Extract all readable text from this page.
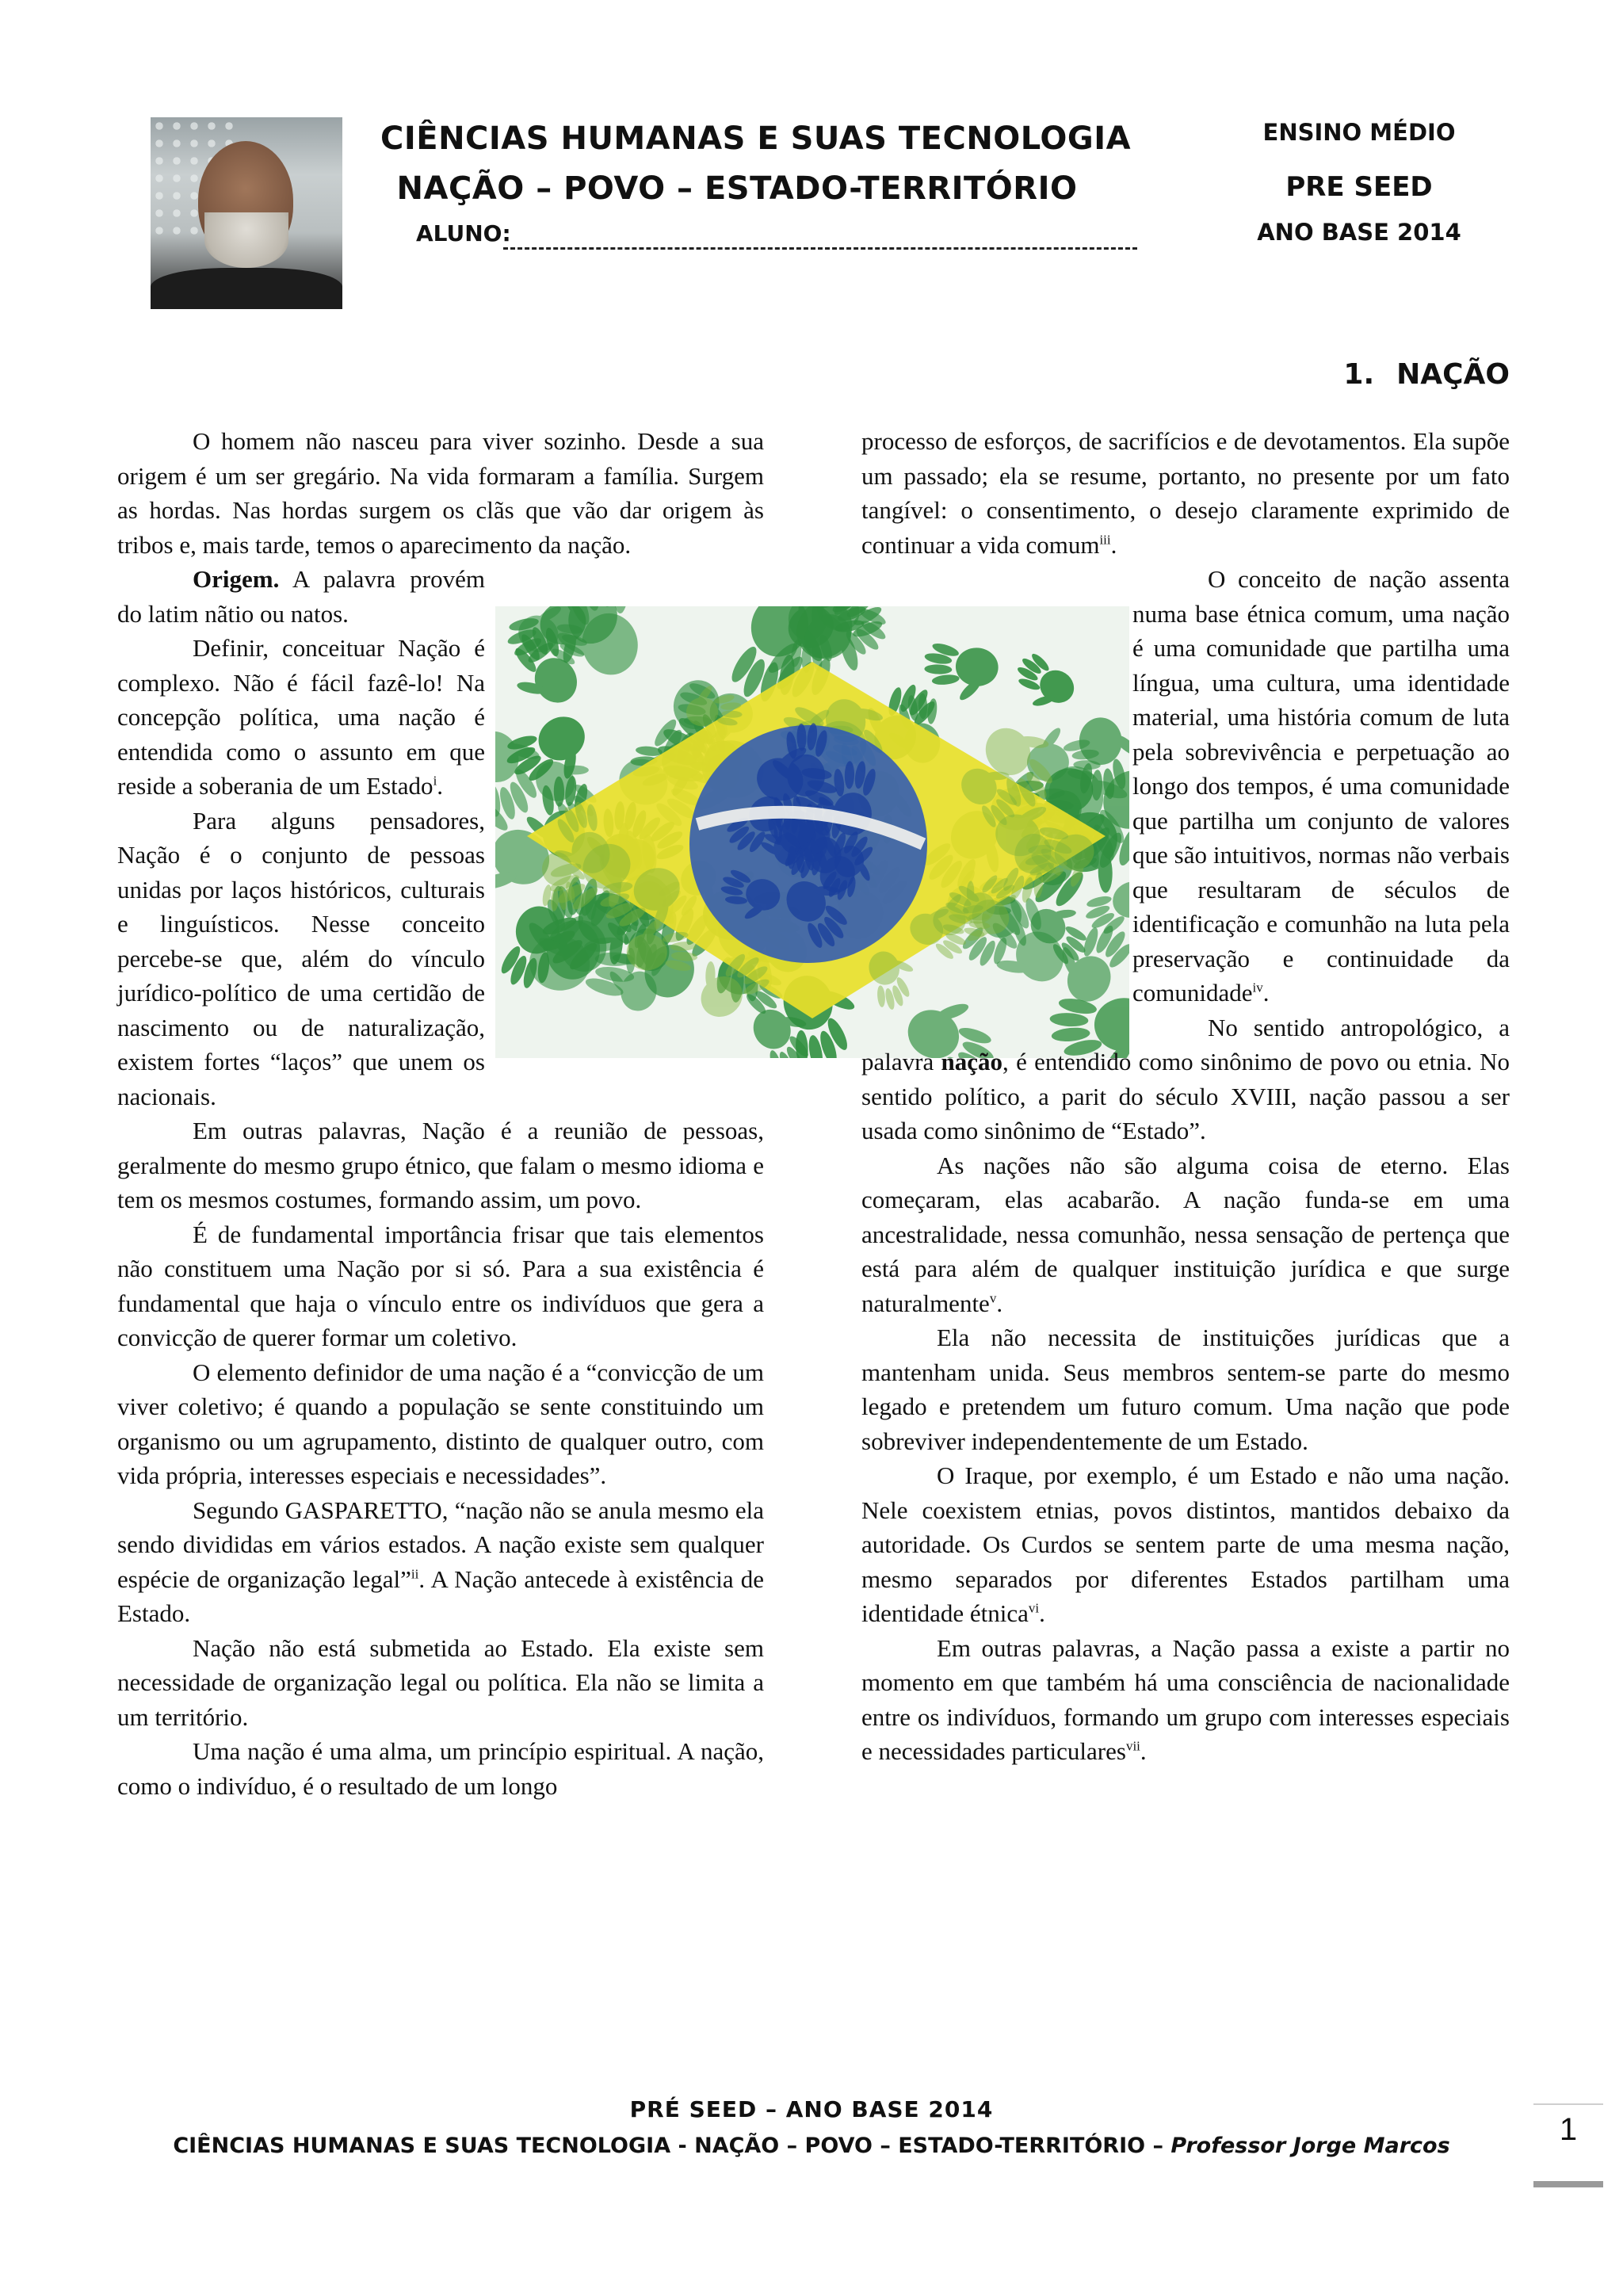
CIÊNCIAS HUMANAS E SUAS TECNOLOGIA
NAÇÃO – POVO – ESTADO-TERRITÓRIO
ALUNO:
ENSINO MÉDIO
PRE SEED
ANO BASE 2014
1. NAÇÃO

O homem não nasceu para viver sozinho. Desde a sua origem é um ser gregário. Na vida formaram a família. Surgem as hordas. Nas hordas surgem os clãs que vão dar origem às tribos e, mais tarde, temos o aparecimento da nação.

Origem. A palavra provém do latim nãtio ou natos.

Definir, conceituar Nação é complexo. Não é fácil fazê-lo! Na concepção política, uma nação é entendida como o assunto em que reside a soberania de um Estado$^i$.

Para alguns pensadores, Nação é o conjunto de pessoas unidas por laços históricos, culturais e linguísticos. Nesse conceito percebe-se que, além do vínculo jurídico-político de uma certidão de nascimento ou de naturalização, existem fortes “laços” que unem os nacionais.

Em outras palavras, Nação é a reunião de pessoas, geralmente do mesmo grupo étnico, que falam o mesmo idioma e tem os mesmos costumes, formando assim, um povo.

É de fundamental importância frisar que tais elementos não constituem uma Nação por si só. Para a sua existência é fundamental que haja o vínculo entre os indivíduos que gera a convicção de querer formar um coletivo.

O elemento definidor de uma nação é a “convicção de um viver coletivo; é quando a população se sente constituindo um organismo ou um agrupamento, distinto de qualquer outro, com vida própria, interesses especiais e necessidades”.

Segundo GASPARETTO, “nação não se anula mesmo ela sendo divididas em vários estados. A nação existe sem qualquer espécie de organização legal”$^{ii}$. A Nação antecede à existência de Estado.

Nação não está submetida ao Estado. Ela existe sem necessidade de organização legal ou política. Ela não se limita a um território.

Uma nação é uma alma, um princípio espiritual. A nação, como o indivíduo, é o resultado de um longo

processo de esforços, de sacrifícios e de devotamentos. Ela supõe um passado; ela se resume, portanto, no presente por um fato tangível: o consentimento, o desejo claramente exprimido de continuar a vida comum$^{iii}$.

O conceito de nação assenta numa base étnica comum, uma nação é uma comunidade que partilha uma língua, uma cultura, uma identidade material, uma história comum de luta pela sobrevivência e perpetuação ao longo dos tempos, é uma comunidade que partilha um conjunto de valores que são intuitivos, normas não verbais que resultaram de séculos de identificação e comunhão na luta pela preservação e continuidade da comunidade$^{iv}$.

No sentido antropológico, a palavra nação, é entendido como sinônimo de povo ou etnia. No sentido político, a parit do século XVIII, nação passou a ser usada como sinônimo de “Estado”.

As nações não são alguma coisa de eterno. Elas começaram, elas acabarão. A nação funda-se em uma ancestralidade, nessa comunhão, nessa sensação de pertença que está para além de qualquer instituição jurídica e que surge naturalmente$^v$.

Ela não necessita de instituições jurídicas que a mantenham unida. Seus membros sentem-se parte do mesmo legado e pretendem um futuro comum. Uma nação que pode sobreviver independentemente de um Estado.

O Iraque, por exemplo, é um Estado e não uma nação. Nele coexistem etnias, povos distintos, mantidos debaixo da autoridade. Os Curdos se sentem parte de uma mesma nação, mesmo separados por diferentes Estados partilham uma identidade étnica$^{vi}$.

Em outras palavras, a Nação passa a existe a partir no momento em que também há uma consciência de nacionalidade entre os indivíduos, formando um grupo com interesses especiais e necessidades particulares$^{vii}$.

PRÉ SEED – ANO BASE 2014
CIÊNCIAS HUMANAS E SUAS TECNOLOGIA - NAÇÃO – POVO – ESTADO-TERRITÓRIO – Professor Jorge Marcos	1
